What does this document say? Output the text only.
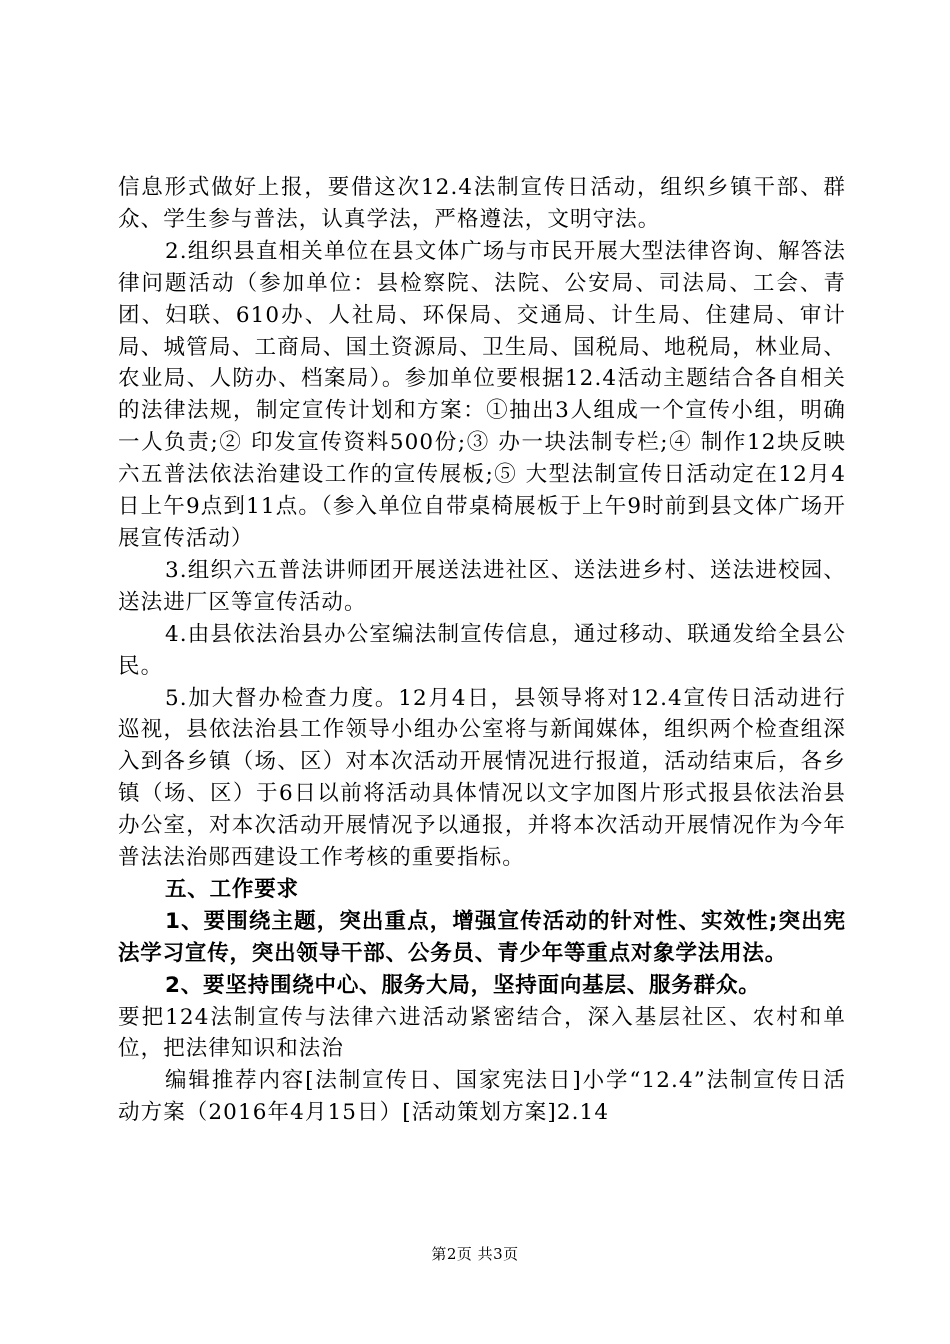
信息形式做好上报，要借这次12.4法制宣传日活动，组织乡镇干部、群众、学生参与普法，认真学法，严格遵法，文明守法。

2.组织县直相关单位在县文体广场与市民开展大型法律咨询、解答法律问题活动（参加单位：县检察院、法院、公安局、司法局、工会、青团、妇联、610办、人社局、环保局、交通局、计生局、住建局、审计局、城管局、工商局、国土资源局、卫生局、国税局、地税局，林业局、农业局、人防办、档案局）。参加单位要根据12.4活动主题结合各自相关的法律法规，制定宣传计划和方案：①抽出3人组成一个宣传小组，明确一人负责;② 印发宣传资料500份;③ 办一块法制专栏;④ 制作12块反映六五普法依法治建设工作的宣传展板;⑤ 大型法制宣传日活动定在12月4日上午9点到11点。（参入单位自带桌椅展板于上午9时前到县文体广场开展宣传活动）

3.组织六五普法讲师团开展送法进社区、送法进乡村、送法进校园、送法进厂区等宣传活动。

4.由县依法治县办公室编法制宣传信息，通过移动、联通发给全县公民。

5.加大督办检查力度。12月4日，县领导将对12.4宣传日活动进行巡视，县依法治县工作领导小组办公室将与新闻媒体，组织两个检查组深入到各乡镇（场、区）对本次活动开展情况进行报道，活动结束后，各乡镇（场、区）于6日以前将活动具体情况以文字加图片形式报县依法治县办公室，对本次活动开展情况予以通报，并将本次活动开展情况作为今年普法法治郧西建设工作考核的重要指标。

五、工作要求

1、要围绕主题，突出重点，增强宣传活动的针对性、实效性;突出宪法学习宣传，突出领导干部、公务员、青少年等重点对象学法用法。

2、要坚持围绕中心、服务大局，坚持面向基层、服务群众。

要把124法制宣传与法律六进活动紧密结合，深入基层社区、农村和单位，把法律知识和法治

编辑推荐内容[法制宣传日、国家宪法日]小学“12.4”法制宣传日活动方案（2016年4月15日）[活动策划方案]2.14

第2页 共3页
